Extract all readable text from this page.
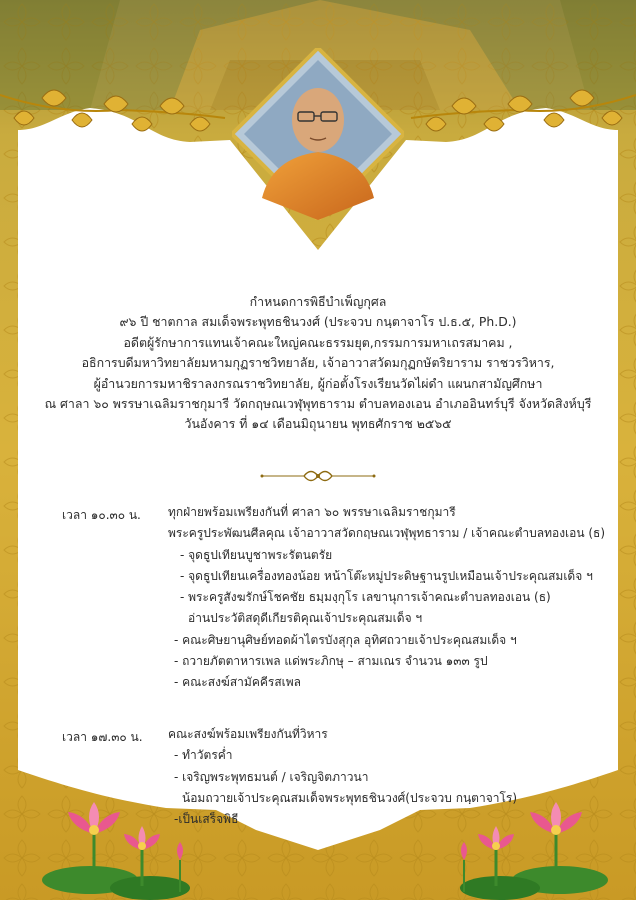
กำหนดการพิธีบำเพ็ญกุศล
๙๖ ปี ชาตกาล สมเด็จพระพุทธชินวงศ์ (ประจวบ กนฺตาจาโร ป.ธ.๕, Ph.D.)
อดีตผู้รักษาการแทนเจ้าคณะใหญ่คณะธรรมยุต,กรรมการมหาเถรสมาคม ,
อธิการบดีมหาวิทยาลัยมหามกุฏราชวิทยาลัย, เจ้าอาวาสวัดมกุฏกษัตริยาราม ราชวรวิหาร,
ผู้อำนวยการมหาชิราลงกรณราชวิทยาลัย, ผู้ก่อตั้งโรงเรียนวัดไผ่ดำ แผนกสามัญศึกษา
ณ ศาลา ๖๐ พรรษาเฉลิมราชกุมารี วัดกฤษณเวฬุพุทธาราม ตำบลทองเอน อำเภออินทร์บุรี จังหวัดสิงห์บุรี
วันอังคาร ที่ ๑๔ เดือนมิถุนายน พุทธศักราช ๒๕๖๕
เวลา ๑๐.๓๐ น. ทุกฝ่ายพร้อมเพรียงกันที่ ศาลา ๖๐ พรรษาเฉลิมราชกุมารี
พระครูประพัฒนศีลคุณ เจ้าอาวาสวัดกฤษณเวฬุพุทธาราม / เจ้าคณะตำบลทองเอน (ธ)
- จุดธูปเทียนบูชาพระรัตนตรัย
- จุดธูปเทียนเครื่องทองน้อย หน้าโต๊ะหมู่ประดิษฐานรูปเหมือนเจ้าประคุณสมเด็จ ฯ
- พระครูสังฆรักษ์โชคชัย ธมฺมงฺกุโร เลขานุการเจ้าคณะตำบลทองเอน (ธ)
อ่านประวัติสดุดีเกียรติคุณเจ้าประคุณสมเด็จ ฯ
- คณะศิษยานุศิษย์ทอดผ้าไตรบังสุกุล อุทิศถวายเจ้าประคุณสมเด็จ ฯ
- ถวายภัตตาหารเพล แด่พระภิกษุ – สามเณร จำนวน ๑๓๓ รูป
- คณะสงฆ์สามัคคีรสเพล
เวลา ๑๗.๓๐ น. คณะสงฆ์พร้อมเพรียงกันที่วิหาร
- ทำวัตรค่ำ
- เจริญพระพุทธมนต์ / เจริญจิตภาวนา
น้อมถวายเจ้าประคุณสมเด็จพระพุทธชินวงศ์(ประจวบ กนฺตาจาโร)
-เป็นเสร็จพิธี
